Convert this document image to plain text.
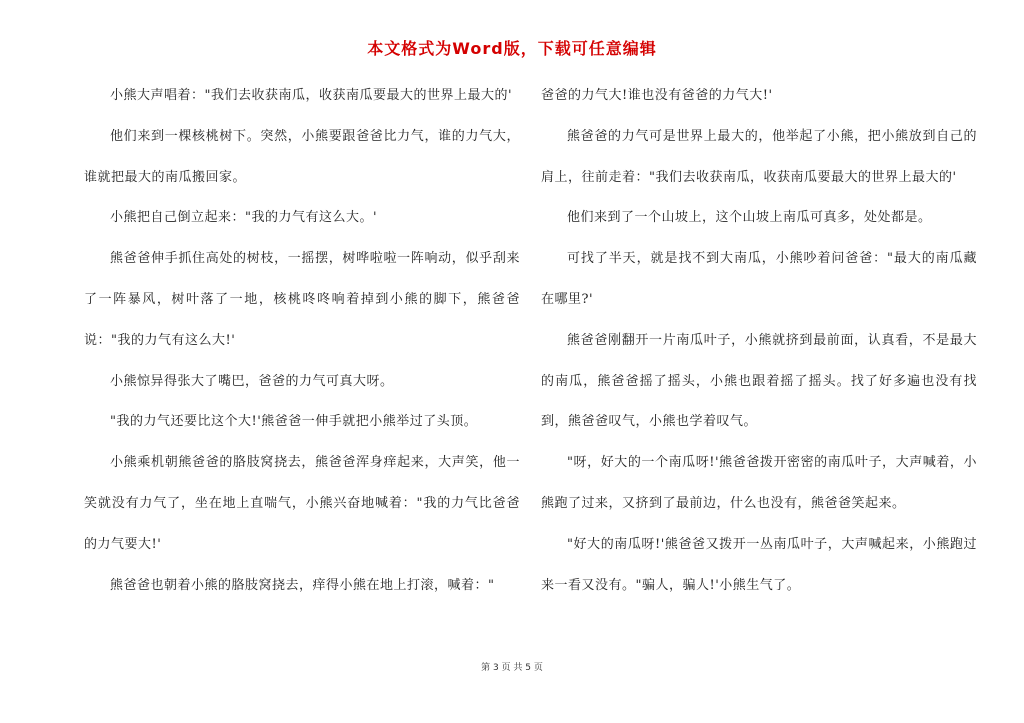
本文格式为Word版，下载可任意编辑

小熊大声唱着："我们去收获南瓜，收获南瓜要最大的世界上最大的'

他们来到一棵核桃树下。突然，小熊要跟爸爸比力气，谁的力气大，谁就把最大的南瓜搬回家。

小熊把自己倒立起来："我的力气有这么大。'

熊爸爸伸手抓住高处的树枝，一摇摆，树哗啦啦一阵响动，似乎刮来了一阵暴风，树叶落了一地，核桃咚咚响着掉到小熊的脚下，熊爸爸说："我的力气有这么大!'

小熊惊异得张大了嘴巴，爸爸的力气可真大呀。

"我的力气还要比这个大!'熊爸爸一伸手就把小熊举过了头顶。

小熊乘机朝熊爸爸的胳肢窝挠去，熊爸爸浑身痒起来，大声笑，他一笑就没有力气了，坐在地上直喘气，小熊兴奋地喊着："我的力气比爸爸的力气要大!'

熊爸爸也朝着小熊的胳肢窝挠去，痒得小熊在地上打滚，喊着："

爸爸的力气大!谁也没有爸爸的力气大!'

熊爸爸的力气可是世界上最大的，他举起了小熊，把小熊放到自己的肩上，往前走着："我们去收获南瓜，收获南瓜要最大的世界上最大的'

他们来到了一个山坡上，这个山坡上南瓜可真多，处处都是。

可找了半天，就是找不到大南瓜，小熊吵着问爸爸："最大的南瓜藏在哪里?'

熊爸爸刚翻开一片南瓜叶子，小熊就挤到最前面，认真看，不是最大的南瓜，熊爸爸摇了摇头，小熊也跟着摇了摇头。找了好多遍也没有找到，熊爸爸叹气，小熊也学着叹气。

"呀，好大的一个南瓜呀!'熊爸爸拨开密密的南瓜叶子，大声喊着，小熊跑了过来，又挤到了最前边，什么也没有，熊爸爸笑起来。

"好大的南瓜呀!'熊爸爸又拨开一丛南瓜叶子，大声喊起来，小熊跑过来一看又没有。"骗人，骗人!'小熊生气了。

第 3 页 共 5 页
